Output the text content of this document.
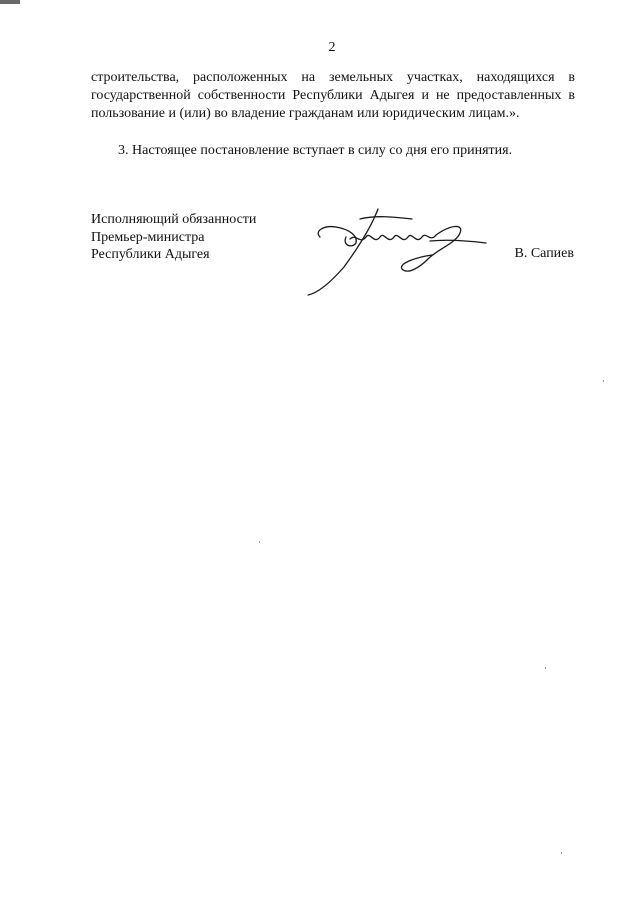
2

строительства, расположенных на земельных участках, находящихся в государственной собственности Республики Адыгея и не предоставленных в пользование и (или) во владение гражданам или юридическим лицам.».

3. Настоящее постановление вступает в силу со дня его принятия.

Исполняющий обязанности
Премьер-министра
Республики Адыгея	В. Сапиев
